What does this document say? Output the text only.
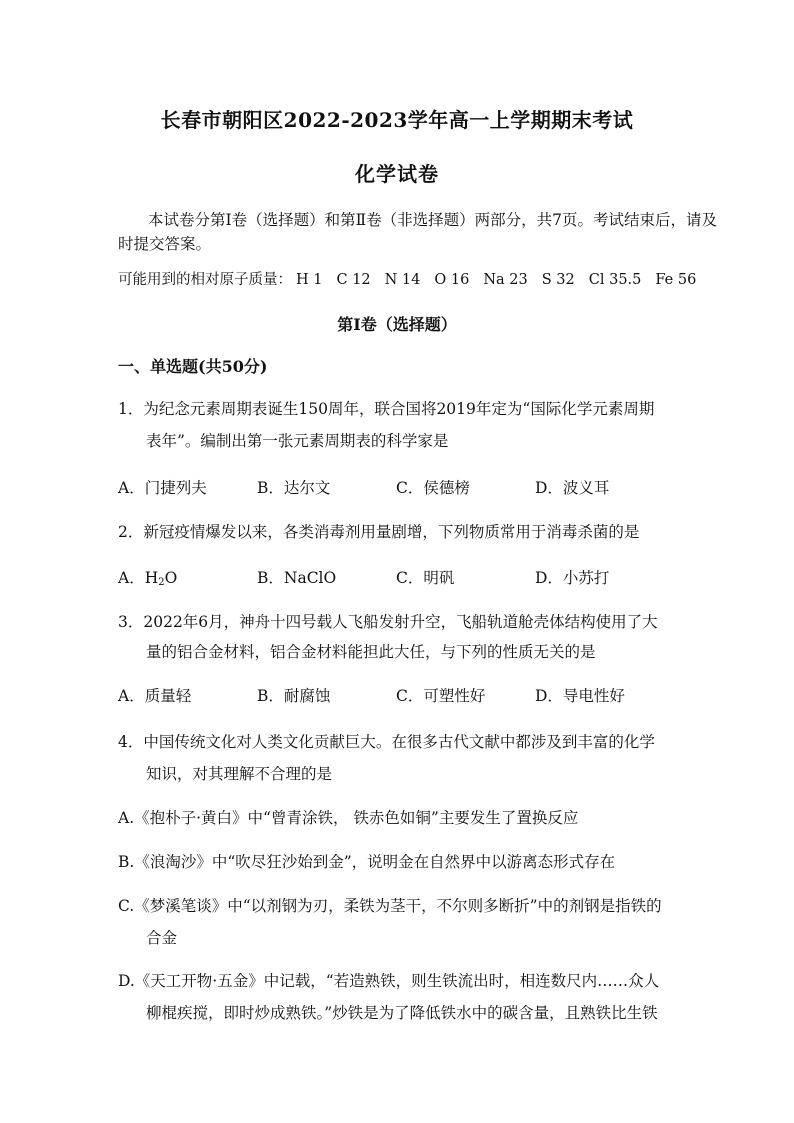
长春市朝阳区2022-2023学年高一上学期期末考试
化学试卷
本试卷分第Ⅰ卷（选择题）和第Ⅱ卷（非选择题）两部分，共7页。考试结束后，请及
时提交答案。
可能用到的相对原子质量： H 1 C 12 N 14 O 16 Na 23 S 32 Cl 35.5 Fe 56
第Ⅰ卷（选择题）
一、单选题(共50分)
1．为纪念元素周期表诞生150周年，联合国将2019年定为“国际化学元素周期
表年”。编制出第一张元素周期表的科学家是
A．门捷列夫	B．达尔文	C．侯德榜	D．波义耳
2．新冠疫情爆发以来，各类消毒剂用量剧增，下列物质常用于消毒杀菌的是
A．$H_2O$	B．NaClO	C．明矾	D．小苏打
3．2022年6月，神舟十四号载人飞船发射升空，飞船轨道舱壳体结构使用了大
量的铝合金材料，铝合金材料能担此大任，与下列的性质无关的是
A．质量轻	B．耐腐蚀	C．可塑性好	D．导电性好
4．中国传统文化对人类文化贡献巨大。在很多古代文献中都涉及到丰富的化学
知识，对其理解不合理的是
A.《抱朴子·黄白》中“曾青涂铁， 铁赤色如铜”主要发生了置换反应
B.《浪淘沙》中“吹尽狂沙始到金”，说明金在自然界中以游离态形式存在
C.《梦溪笔谈》中“以剂钢为刃，柔铁为茎干，不尔则多断折”中的剂钢是指铁的
合金
D.《天工开物·五金》中记载，“若造熟铁，则生铁流出时，相连数尺内……众人
柳棍疾搅，即时炒成熟铁。”炒铁是为了降低铁水中的碳含量，且熟铁比生铁
